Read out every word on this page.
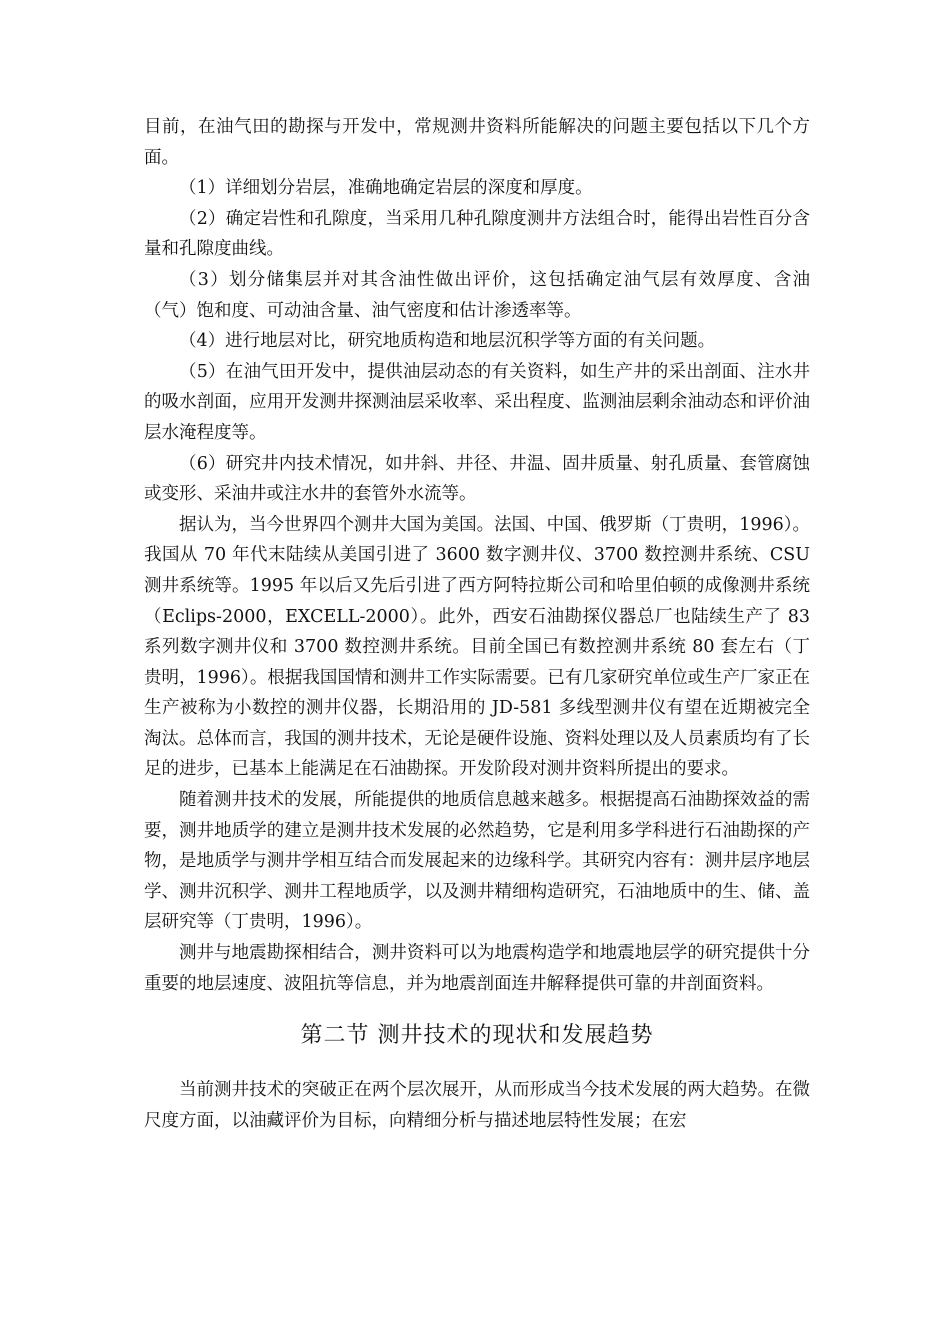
目前，在油气田的勘探与开发中，常规测井资料所能解决的问题主要包括以下几个方面。

（1）详细划分岩层，准确地确定岩层的深度和厚度。

（2）确定岩性和孔隙度，当采用几种孔隙度测井方法组合时，能得出岩性百分含量和孔隙度曲线。

（3）划分储集层并对其含油性做出评价，这包括确定油气层有效厚度、含油（气）饱和度、可动油含量、油气密度和估计渗透率等。

（4）进行地层对比，研究地质构造和地层沉积学等方面的有关问题。

（5）在油气田开发中，提供油层动态的有关资料，如生产井的采出剖面、注水井的吸水剖面，应用开发测井探测油层采收率、采出程度、监测油层剩余油动态和评价油层水淹程度等。

（6）研究井内技术情况，如井斜、井径、井温、固井质量、射孔质量、套管腐蚀或变形、采油井或注水井的套管外水流等。

据认为，当今世界四个测井大国为美国。法国、中国、俄罗斯（丁贵明，1996）。我国从 70 年代末陆续从美国引进了 3600 数字测井仪、3700 数控测井系统、CSU 测井系统等。1995 年以后又先后引进了西方阿特拉斯公司和哈里伯顿的成像测井系统（Eclips-2000，EXCELL-2000）。此外，西安石油勘探仪器总厂也陆续生产了 83 系列数字测井仪和 3700 数控测井系统。目前全国已有数控测井系统 80 套左右（丁贵明，1996）。根据我国国情和测井工作实际需要。已有几家研究单位或生产厂家正在生产被称为小数控的测井仪器，长期沿用的 JD-581 多线型测井仪有望在近期被完全淘汰。总体而言，我国的测井技术，无论是硬件设施、资料处理以及人员素质均有了长足的进步，已基本上能满足在石油勘探。开发阶段对测井资料所提出的要求。

随着测井技术的发展，所能提供的地质信息越来越多。根据提高石油勘探效益的需要，测井地质学的建立是测井技术发展的必然趋势，它是利用多学科进行石油勘探的产物，是地质学与测井学相互结合而发展起来的边缘科学。其研究内容有：测井层序地层学、测井沉积学、测井工程地质学，以及测井精细构造研究，石油地质中的生、储、盖层研究等（丁贵明，1996）。

测井与地震勘探相结合，测井资料可以为地震构造学和地震地层学的研究提供十分重要的地层速度、波阻抗等信息，并为地震剖面连井解释提供可靠的井剖面资料。

第二节 测井技术的现状和发展趋势

当前测井技术的突破正在两个层次展开，从而形成当今技术发展的两大趋势。在微尺度方面，以油藏评价为目标，向精细分析与描述地层特性发展；在宏
